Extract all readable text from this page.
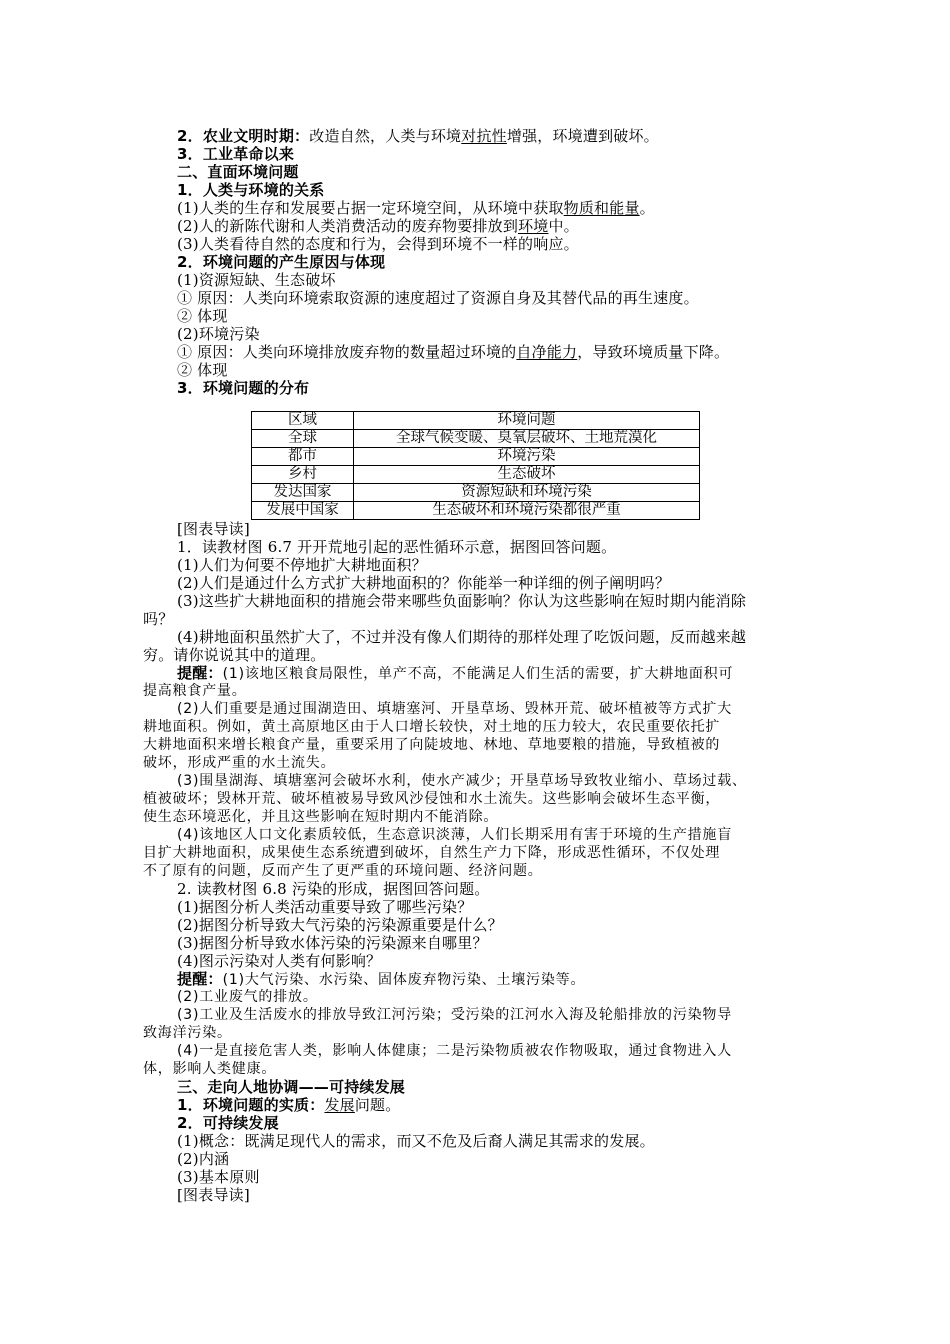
2．农业文明时期：改造自然，人类与环境对抗性增强，环境遭到破坏。
3．工业革命以来
二、直面环境问题
1．人类与环境的关系
(1)人类的生存和发展要占据一定环境空间，从环境中获取物质和能量。
(2)人的新陈代谢和人类消费活动的废弃物要排放到环境中。
(3)人类看待自然的态度和行为，会得到环境不一样的响应。
2．环境问题的产生原因与体现
(1)资源短缺、生态破坏
① 原因：人类向环境索取资源的速度超过了资源自身及其替代品的再生速度。
② 体现
(2)环境污染
① 原因：人类向环境排放废弃物的数量超过环境的自净能力，导致环境质量下降。
② 体现
3．环境问题的分布
区域	环境问题
全球	全球气候变暖、臭氧层破坏、土地荒漠化
都市	环境污染
乡村	生态破坏
发达国家	资源短缺和环境污染
发展中国家	生态破坏和环境污染都很严重
[图表导读]
1．读教材图 6.7 开开荒地引起的恶性循环示意，据图回答问题。
(1)人们为何要不停地扩大耕地面积？
(2)人们是通过什么方式扩大耕地面积的？你能举一种详细的例子阐明吗？
(3)这些扩大耕地面积的措施会带来哪些负面影响？你认为这些影响在短时期内能消除
吗？
(4)耕地面积虽然扩大了，不过并没有像人们期待的那样处理了吃饭问题，反而越来越
穷。请你说说其中的道理。
提醒：(1)该地区粮食局限性，单产不高，不能满足人们生活的需要，扩大耕地面积可
提高粮食产量。
(2)人们重要是通过围湖造田、填塘塞河、开垦草场、毁林开荒、破坏植被等方式扩大
耕地面积。例如，黄土高原地区由于人口增长较快，对土地的压力较大，农民重要依托扩
大耕地面积来增长粮食产量，重要采用了向陡坡地、林地、草地要粮的措施，导致植被的
破坏，形成严重的水土流失。
(3)围垦湖海、填塘塞河会破坏水利，使水产减少；开垦草场导致牧业缩小、草场过载、
植被破坏；毁林开荒、破坏植被易导致风沙侵蚀和水土流失。这些影响会破坏生态平衡，
使生态环境恶化，并且这些影响在短时期内不能消除。
(4)该地区人口文化素质较低，生态意识淡薄，人们长期采用有害于环境的生产措施盲
目扩大耕地面积，成果使生态系统遭到破坏，自然生产力下降，形成恶性循环，不仅处理
不了原有的问题，反而产生了更严重的环境问题、经济问题。
2. 读教材图 6.8 污染的形成，据图回答问题。
(1)据图分析人类活动重要导致了哪些污染？
(2)据图分析导致大气污染的污染源重要是什么？
(3)据图分析导致水体污染的污染源来自哪里？
(4)图示污染对人类有何影响？
提醒：(1)大气污染、水污染、固体废弃物污染、土壤污染等。
(2)工业废气的排放。
(3)工业及生活废水的排放导致江河污染；受污染的江河水入海及轮船排放的污染物导
致海洋污染。
(4)一是直接危害人类，影响人体健康；二是污染物质被农作物吸取，通过食物进入人
体，影响人类健康。
三、走向人地协调——可持续发展
1．环境问题的实质：发展问题。
2．可持续发展
(1)概念：既满足现代人的需求，而又不危及后裔人满足其需求的发展。
(2)内涵
(3)基本原则
[图表导读]
